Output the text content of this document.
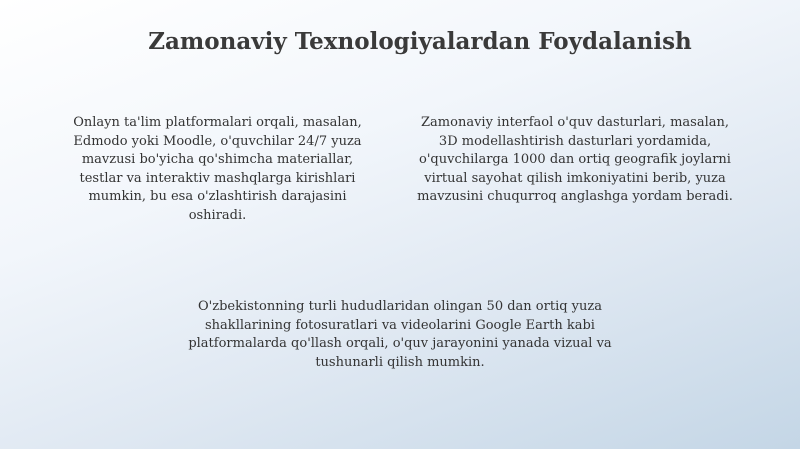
Zamonaviy Texnologiyalardan Foydalanish

Onlayn ta'lim platformalari orqali, masalan,
Edmodo yoki Moodle, o'quvchilar 24/7 yuza
mavzusi bo'yicha qo'shimcha materiallar,
testlar va interaktiv mashqlarga kirishlari
mumkin, bu esa o'zlashtirish darajasini
oshiradi.

Zamonaviy interfaol o'quv dasturlari, masalan,
3D modellashtirish dasturlari yordamida,
o'quvchilarga 1000 dan ortiq geografik joylarni
virtual sayohat qilish imkoniyatini berib, yuza
mavzusini chuqurroq anglashga yordam beradi.

O'zbekistonning turli hududlaridan olingan 50 dan ortiq yuza
shakllarining fotosuratlari va videolarini Google Earth kabi
platformalarda qo'llash orqali, o'quv jarayonini yanada vizual va
tushunarli qilish mumkin.
